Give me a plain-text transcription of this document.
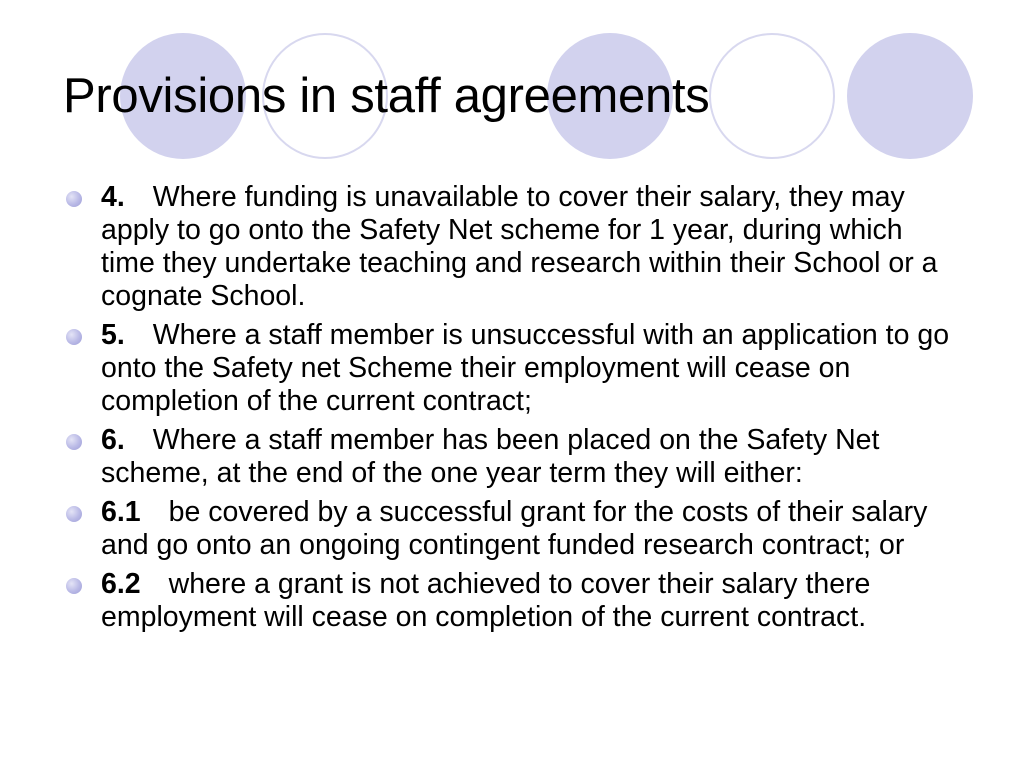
Provisions in staff agreements
4. Where funding is unavailable to cover their salary, they may apply to go onto the Safety Net scheme for 1 year, during which time they undertake teaching and research within their School or a cognate School.
5. Where a staff member is unsuccessful with an application to go onto the Safety net Scheme their employment will cease on completion of the current contract;
6. Where a staff member has been placed on the Safety Net scheme, at the end of the one year term they will either:
6.1 be covered by a successful grant for the costs of their salary and go onto an ongoing contingent funded research contract; or
6.2 where a grant is not achieved to cover their salary there employment will cease on completion of the current contract.
